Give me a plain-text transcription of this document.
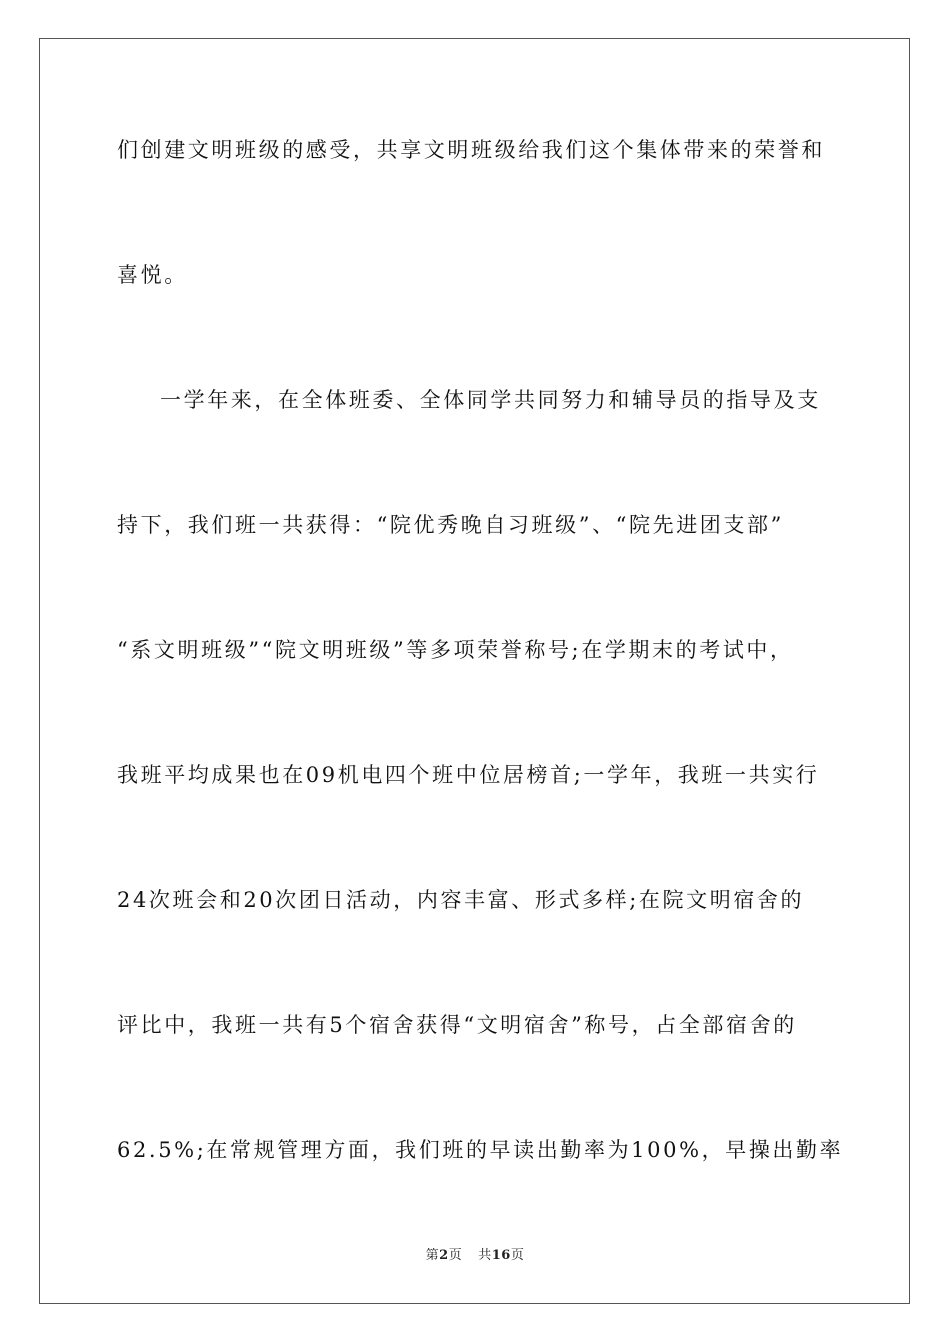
们创建文明班级的感受，共享文明班级给我们这个集体带来的荣誉和
喜悦。
一学年来，在全体班委、全体同学共同努力和辅导员的指导及支
持下，我们班一共获得：“院优秀晚自习班级”、“院先进团支部”
“系文明班级”“院文明班级”等多项荣誉称号;在学期末的考试中，
我班平均成果也在09机电四个班中位居榜首;一学年，我班一共实行
24次班会和20次团日活动，内容丰富、形式多样;在院文明宿舍的
评比中，我班一共有5个宿舍获得“文明宿舍”称号，占全部宿舍的
62.5%;在常规管理方面，我们班的早读出勤率为100%，早操出勤率
第2页 共16页
